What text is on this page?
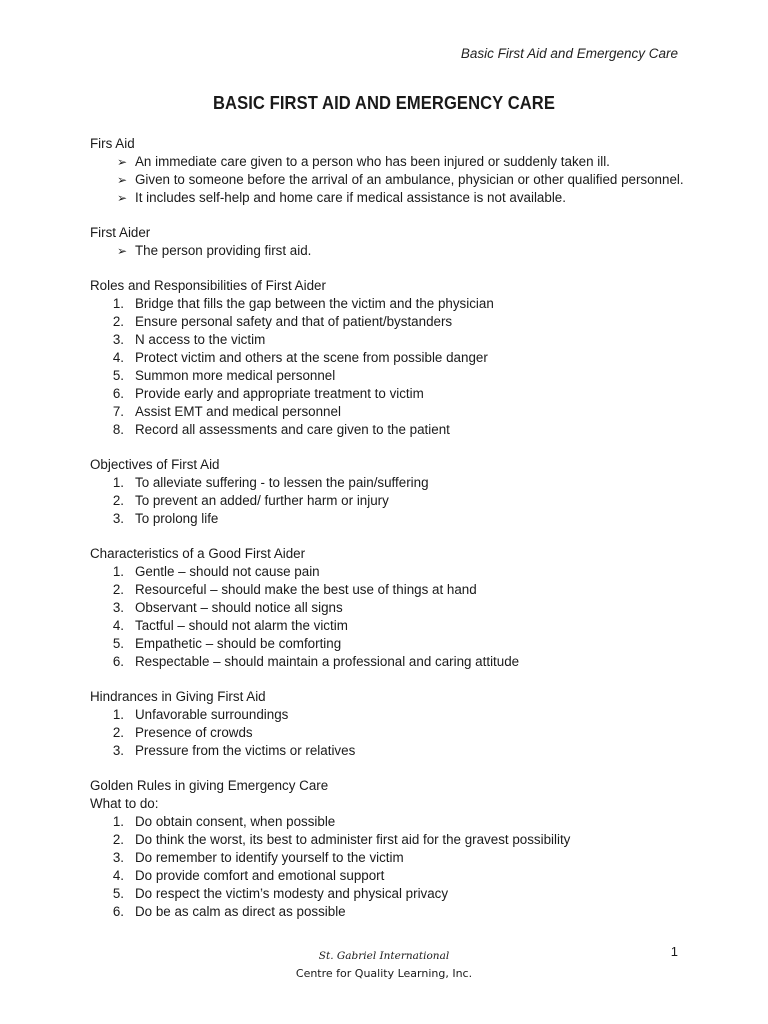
Basic First Aid and Emergency Care
BASIC FIRST AID AND EMERGENCY CARE
Firs Aid
➢ An immediate care given to a person who has been injured or suddenly taken ill.
➢ Given to someone before the arrival of an ambulance, physician or other qualified personnel.
➢ It includes self-help and home care if medical assistance is not available.
First Aider
➢ The person providing first aid.
Roles and Responsibilities of First Aider
1. Bridge that fills the gap between the victim and the physician
2. Ensure personal safety and that of patient/bystanders
3. N access to the victim
4. Protect victim and others at the scene from possible danger
5. Summon more medical personnel
6. Provide early and appropriate treatment to victim
7. Assist EMT and medical personnel
8. Record all assessments and care given to the patient
Objectives of First Aid
1. To alleviate suffering - to lessen the pain/suffering
2. To prevent an added/ further harm or injury
3. To prolong life
Characteristics of a Good First Aider
1. Gentle – should not cause pain
2. Resourceful – should make the best use of things at hand
3. Observant – should notice all signs
4. Tactful – should not alarm the victim
5. Empathetic – should be comforting
6. Respectable – should maintain a professional and caring attitude
Hindrances in Giving First Aid
1. Unfavorable surroundings
2. Presence of crowds
3. Pressure from the victims or relatives
Golden Rules in giving Emergency Care
What to do:
1. Do obtain consent, when possible
2. Do think the worst, its best to administer first aid for the gravest possibility
3. Do remember to identify yourself to the victim
4. Do provide comfort and emotional support
5. Do respect the victim’s modesty and physical privacy
6. Do be as calm as direct as possible
1
St. Gabriel International
Centre for Quality Learning, Inc.
